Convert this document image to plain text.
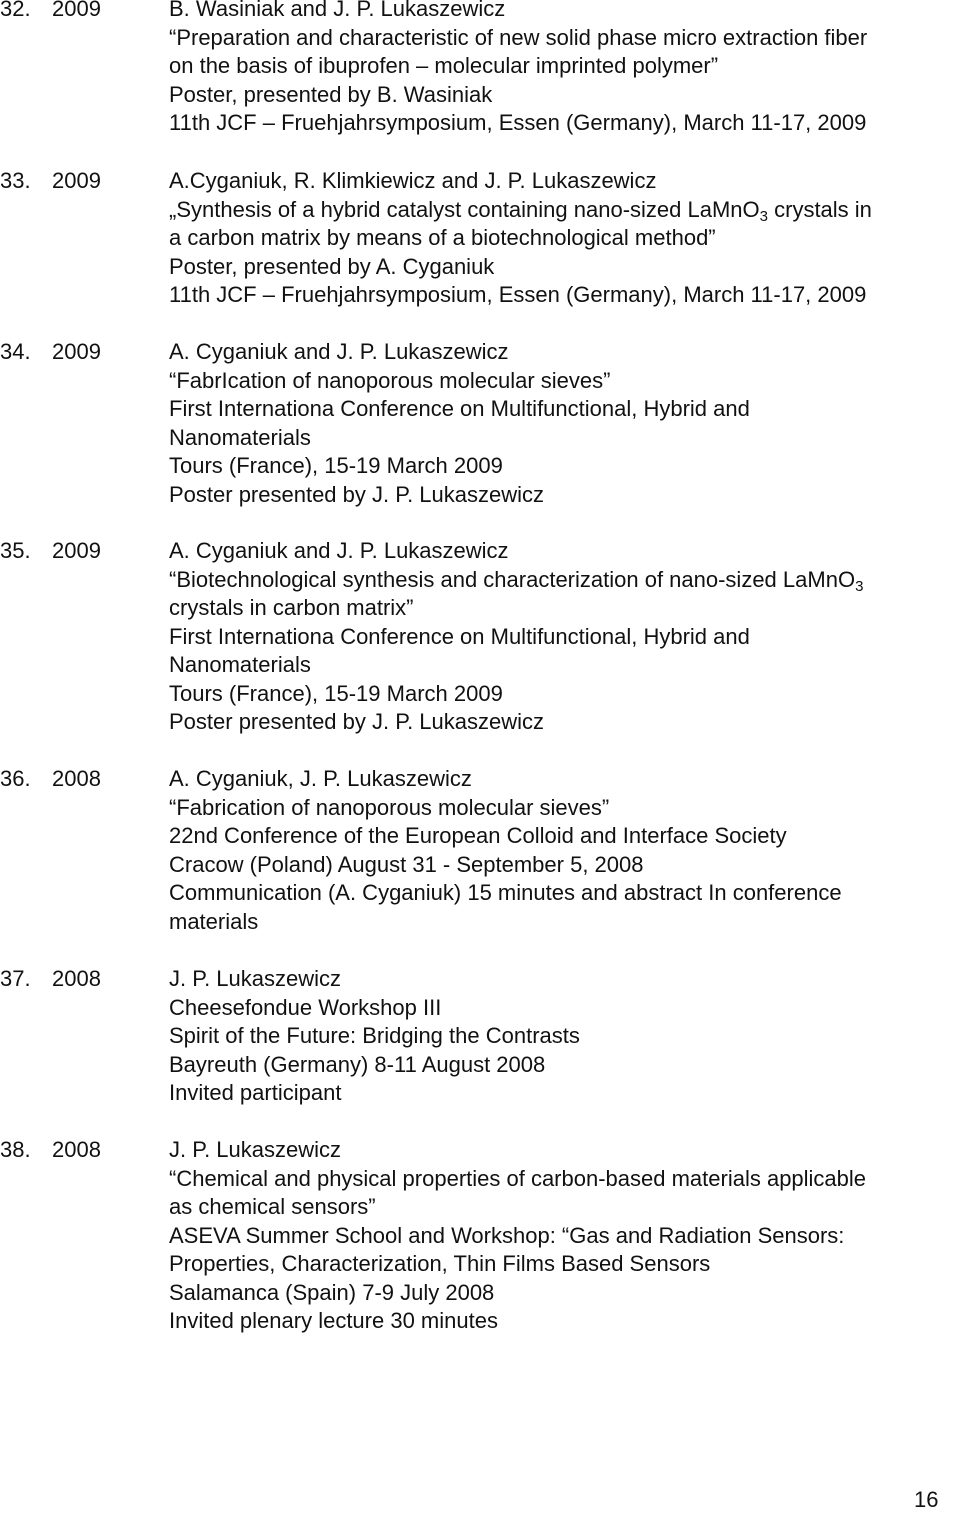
32. 2009	B. Wasiniak and J. P. Lukaszewicz
“Preparation and characteristic of new solid phase micro extraction fiber
on the basis of ibuprofen – molecular imprinted polymer”
Poster, presented by B. Wasiniak
11th JCF – Fruehjahrsymposium, Essen (Germany), March 11-17, 2009
33. 2009	A.Cyganiuk, R. Klimkiewicz and J. P. Lukaszewicz
„Synthesis of a hybrid catalyst containing nano-sized LaMnO$_3$ crystals in
a carbon matrix by means of a biotechnological method”
Poster, presented by A. Cyganiuk
11th JCF – Fruehjahrsymposium, Essen (Germany), March 11-17, 2009
34. 2009	A. Cyganiuk and J. P. Lukaszewicz
“FabrIcation of nanoporous molecular sieves”
First Internationa Conference on Multifunctional, Hybrid and
Nanomaterials
Tours (France), 15-19 March 2009
Poster presented by J. P. Lukaszewicz
35. 2009	A. Cyganiuk and J. P. Lukaszewicz
“Biotechnological synthesis and characterization of nano-sized LaMnO$_3$
crystals in carbon matrix”
First Internationa Conference on Multifunctional, Hybrid and
Nanomaterials
Tours (France), 15-19 March 2009
Poster presented by J. P. Lukaszewicz
36. 2008	A. Cyganiuk, J. P. Lukaszewicz
“Fabrication of nanoporous molecular sieves”
22nd Conference of the European Colloid and Interface Society
Cracow (Poland) August 31 - September 5, 2008
Communication (A. Cyganiuk) 15 minutes and abstract In conference
materials
37. 2008	J. P. Lukaszewicz
Cheesefondue Workshop III
Spirit of the Future: Bridging the Contrasts
Bayreuth (Germany) 8-11 August 2008
Invited participant
38. 2008	J. P. Lukaszewicz
“Chemical and physical properties of carbon-based materials applicable
as chemical sensors”
ASEVA Summer School and Workshop: “Gas and Radiation Sensors:
Properties, Characterization, Thin Films Based Sensors
Salamanca (Spain) 7-9 July 2008
Invited plenary lecture 30 minutes
16
